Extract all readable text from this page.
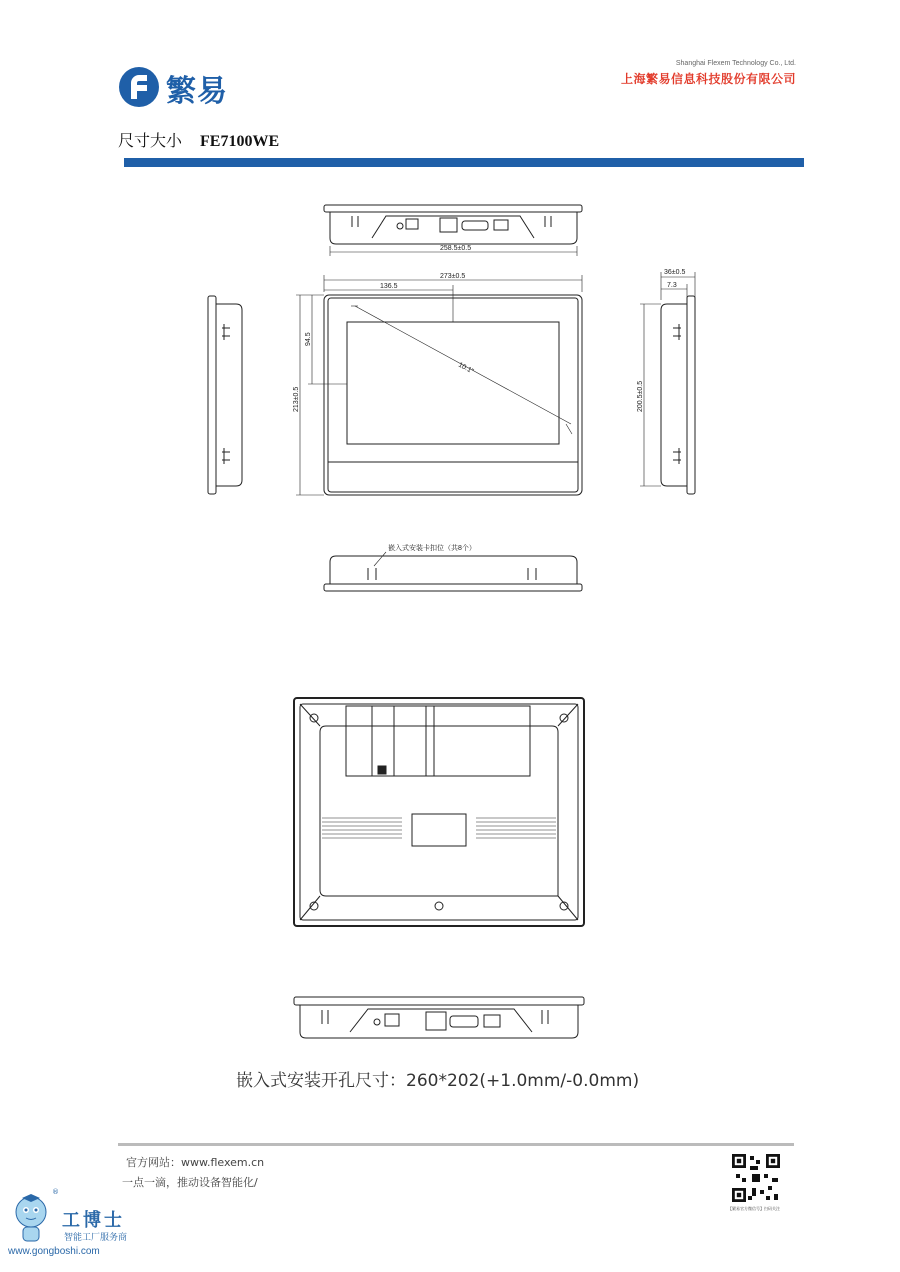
繁易
Shanghai Flexem Technology Co., Ltd.
上海繁易信息科技股份有限公司
尺寸大小 FE7100WE
258.5±0.5
273±0.5
136.5
10.1"
213±0.5
94.5
36±0.5
7.3
200.5±0.5
嵌入式安装卡扣位（共8个）
嵌入式安装开孔尺寸：260*202(+1.0mm/-0.0mm)
官方网站：www.flexem.cn
一点一滴，推动设备智能化/
【繁易官方微信号】扫码关注
®
工博士
智能工厂服务商
www.gongboshi.com
